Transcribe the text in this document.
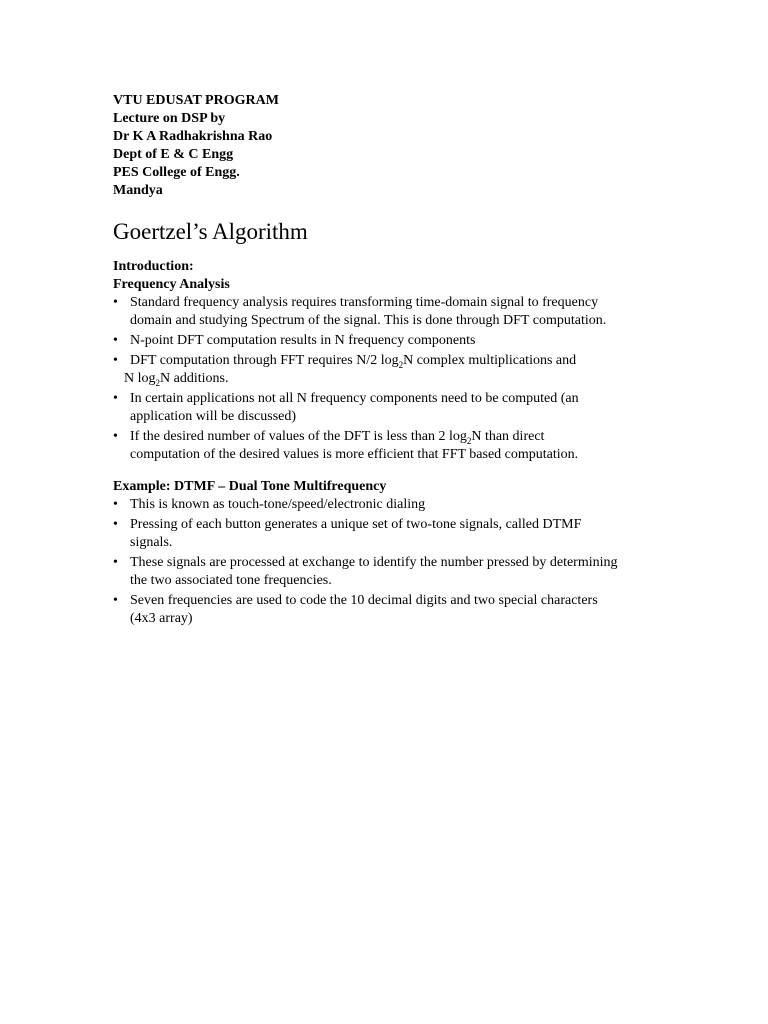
VTU EDUSAT PROGRAM
Lecture on DSP by
Dr K A Radhakrishna Rao
Dept of E & C Engg
PES College of Engg.
Mandya
Goertzel’s Algorithm

Introduction:

Frequency Analysis

• Standard frequency analysis requires transforming time-domain signal to frequency
domain and studying Spectrum of the signal. This is done through DFT computation.
• N-point DFT computation results in N frequency components
• DFT computation through FFT requires N/2 $\log_2N$ complex multiplications and
N $\log_2N$ additions.
• In certain applications not all N frequency components need to be computed (an
application will be discussed)
• If the desired number of values of the DFT is less than 2 $\log_2N$ than direct
computation of the desired values is more efficient that FFT based computation.

Example: DTMF – Dual Tone Multifrequency

• This is known as touch-tone/speed/electronic dialing
• Pressing of each button generates a unique set of two-tone signals, called DTMF
signals.
• These signals are processed at exchange to identify the number pressed by determining
the two associated tone frequencies.
• Seven frequencies are used to code the 10 decimal digits and two special characters
(4x3 array)
